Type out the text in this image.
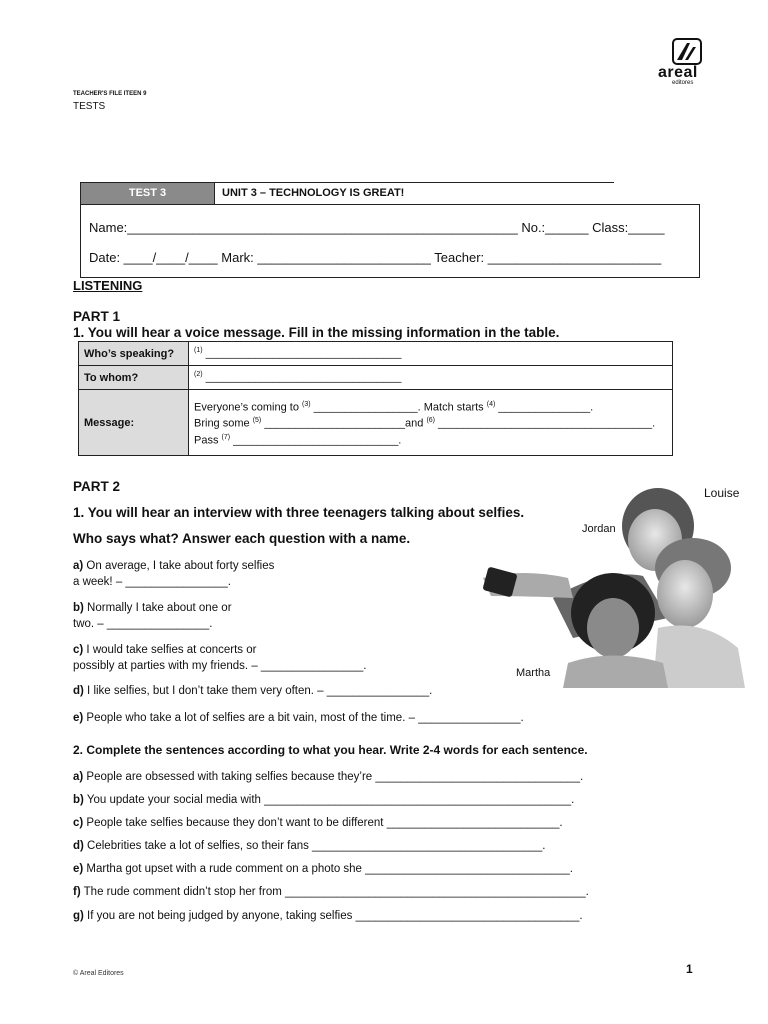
areal
editores
TEACHER'S FILE ITEEN 9
TESTS
TEST 3	UNIT 3 – TECHNOLOGY IS GREAT!
Name:______________________________________________________ No.:______ Class:_____
Date: ____/____/____ Mark: ________________________ Teacher: ________________________
LISTENING
PART 1
1. You will hear a voice message. Fill in the missing information in the table.
Who’s speaking?	$^{(1)}$ ________________________________
To whom?	$^{(2)}$ ________________________________
Message:	Everyone’s coming to $^{(3)}$ _________________. Match starts $^{(4)}$ _______________.
Bring some $^{(5)}$ _______________________and $^{(6)}$ ___________________________________.
Pass $^{(7)}$ ___________________________.
PART 2
1. You will hear an interview with three teenagers talking about selfies.
Who says what? Answer each question with a name.
Louise
Jordan
Martha
a) On average, I take about forty selfies
a week! – ________________.
b) Normally I take about one or
two. – ________________.
c) I would take selfies at concerts or
possibly at parties with my friends. – ________________.
d) I like selfies, but I don’t take them very often. – ________________.
e) People who take a lot of selfies are a bit vain, most of the time. – ________________.
2. Complete the sentences according to what you hear. Write 2-4 words for each sentence.
a) People are obsessed with taking selfies because they’re ________________________________.
b) You update your social media with ________________________________________________.
c) People take selfies because they don’t want to be different ___________________________.
d) Celebrities take a lot of selfies, so their fans ____________________________________.
e) Martha got upset with a rude comment on a photo she ________________________________.
f) The rude comment didn’t stop her from _______________________________________________.
g) If you are not being judged by anyone, taking selfies ___________________________________.
© Areal Editores	1
